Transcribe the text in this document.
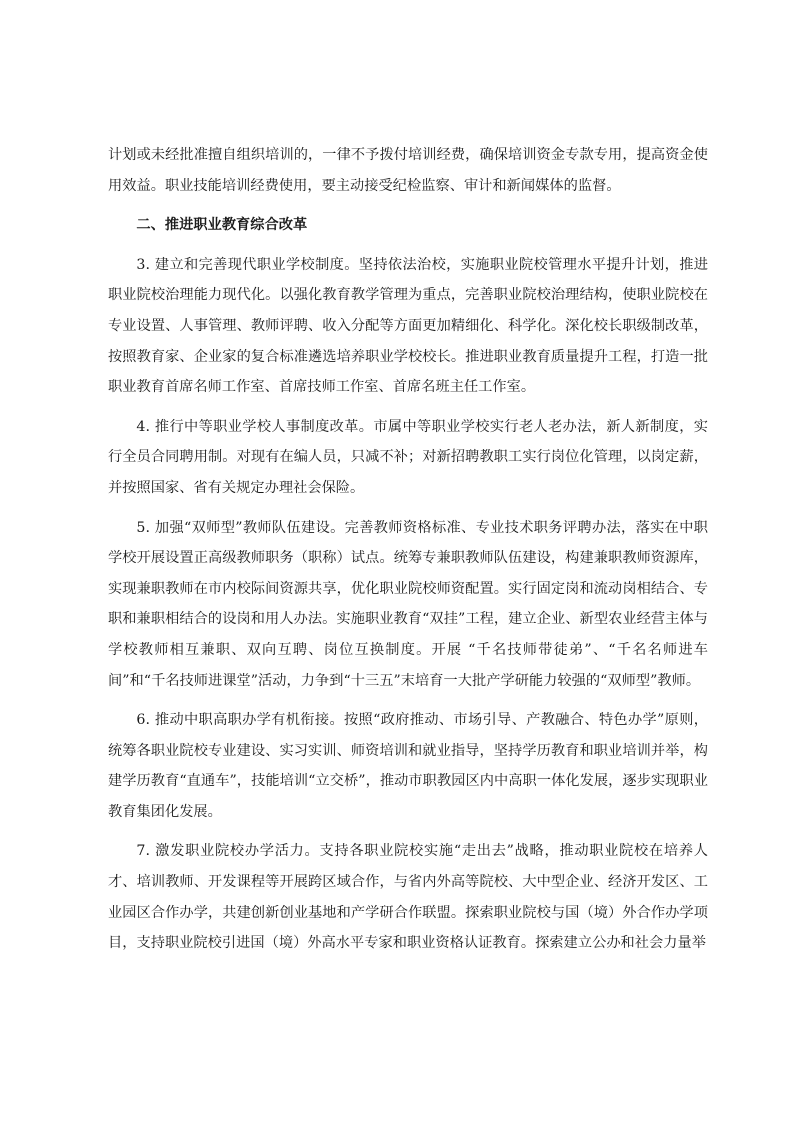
计划或未经批准擅自组织培训的，一律不予拨付培训经费，确保培训资金专款专用，提高资金使用效益。职业技能培训经费使用，要主动接受纪检监察、审计和新闻媒体的监督。

二、推进职业教育综合改革

3. 建立和完善现代职业学校制度。坚持依法治校，实施职业院校管理水平提升计划，推进职业院校治理能力现代化。以强化教育教学管理为重点，完善职业院校治理结构，使职业院校在专业设置、人事管理、教师评聘、收入分配等方面更加精细化、科学化。深化校长职级制改革，按照教育家、企业家的复合标准遴选培养职业学校校长。推进职业教育质量提升工程，打造一批职业教育首席名师工作室、首席技师工作室、首席名班主任工作室。

4. 推行中等职业学校人事制度改革。市属中等职业学校实行老人老办法，新人新制度，实行全员合同聘用制。对现有在编人员，只减不补；对新招聘教职工实行岗位化管理，以岗定薪，并按照国家、省有关规定办理社会保险。

5. 加强“双师型”教师队伍建设。完善教师资格标准、专业技术职务评聘办法，落实在中职学校开展设置正高级教师职务（职称）试点。统筹专兼职教师队伍建设，构建兼职教师资源库，实现兼职教师在市内校际间资源共享，优化职业院校师资配置。实行固定岗和流动岗相结合、专职和兼职相结合的设岗和用人办法。实施职业教育“双挂”工程，建立企业、新型农业经营主体与学校教师相互兼职、双向互聘、岗位互换制度。开展 “千名技师带徒弟”、“千名名师进车间”和“千名技师进课堂”活动，力争到“十三五”末培育一大批产学研能力较强的“双师型”教师。

6. 推动中职高职办学有机衔接。按照“政府推动、市场引导、产教融合、特色办学”原则，统筹各职业院校专业建设、实习实训、师资培训和就业指导，坚持学历教育和职业培训并举，构建学历教育“直通车”，技能培训“立交桥”，推动市职教园区内中高职一体化发展，逐步实现职业教育集团化发展。

7. 激发职业院校办学活力。支持各职业院校实施“走出去”战略，推动职业院校在培养人才、培训教师、开发课程等开展跨区域合作，与省内外高等院校、大中型企业、经济开发区、工业园区合作办学，共建创新创业基地和产学研合作联盟。探索职业院校与国（境）外合作办学项目，支持职业院校引进国（境）外高水平专家和职业资格认证教育。探索建立公办和社会力量举
